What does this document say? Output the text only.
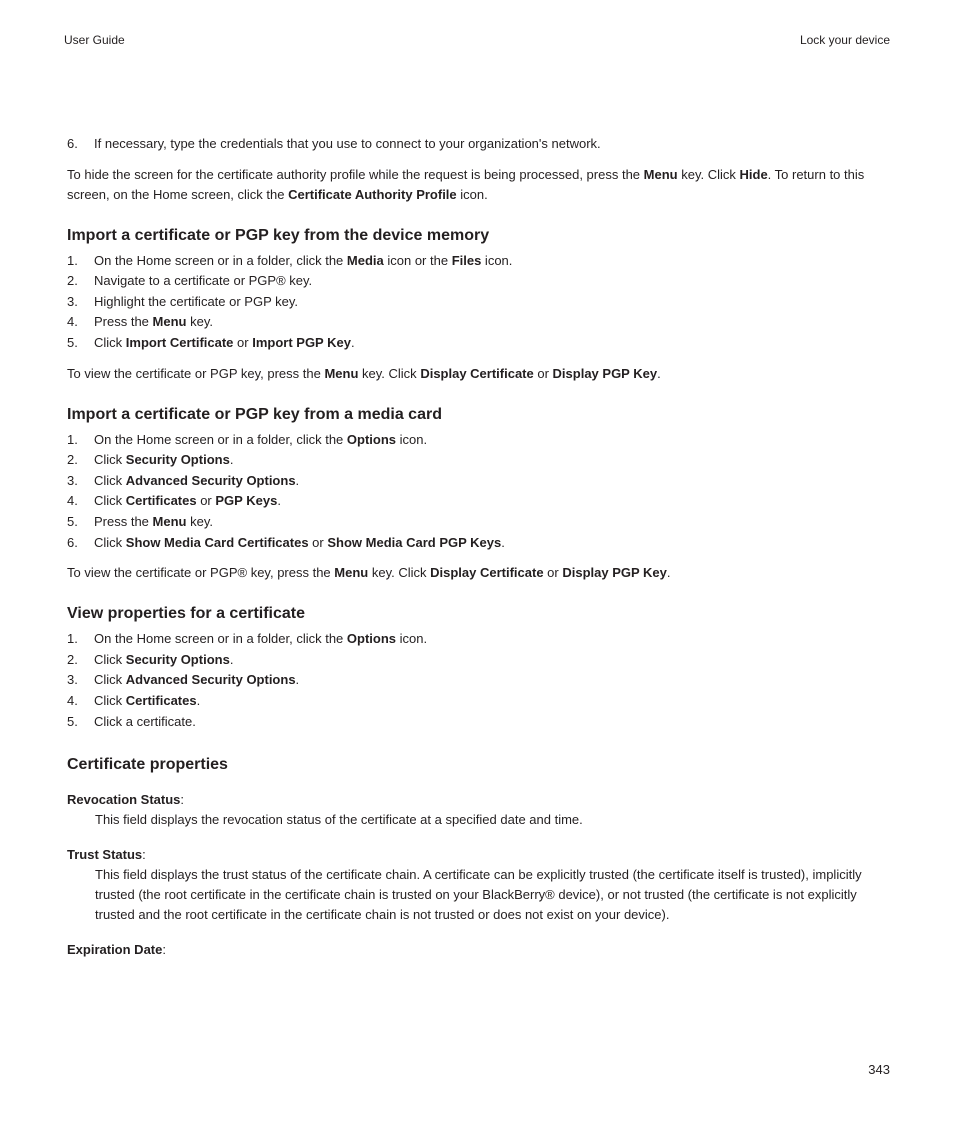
User Guide	Lock your device
6. If necessary, type the credentials that you use to connect to your organization's network.

To hide the screen for the certificate authority profile while the request is being processed, press the Menu key. Click Hide. To return to this screen, on the Home screen, click the Certificate Authority Profile icon.

Import a certificate or PGP key from the device memory
1. On the Home screen or in a folder, click the Media icon or the Files icon.
2. Navigate to a certificate or PGP® key.
3. Highlight the certificate or PGP key.
4. Press the Menu key.
5. Click Import Certificate or Import PGP Key.

To view the certificate or PGP key, press the Menu key. Click Display Certificate or Display PGP Key.

Import a certificate or PGP key from a media card
1. On the Home screen or in a folder, click the Options icon.
2. Click Security Options.
3. Click Advanced Security Options.
4. Click Certificates or PGP Keys.
5. Press the Menu key.
6. Click Show Media Card Certificates or Show Media Card PGP Keys.

To view the certificate or PGP® key, press the Menu key. Click Display Certificate or Display PGP Key.

View properties for a certificate
1. On the Home screen or in a folder, click the Options icon.
2. Click Security Options.
3. Click Advanced Security Options.
4. Click Certificates.
5. Click a certificate.
Certificate properties

Revocation Status:

This field displays the revocation status of the certificate at a specified date and time.

Trust Status:

This field displays the trust status of the certificate chain. A certificate can be explicitly trusted (the certificate itself is trusted), implicitly trusted (the root certificate in the certificate chain is trusted on your BlackBerry® device), or not trusted (the certificate is not explicitly trusted and the root certificate in the certificate chain is not trusted or does not exist on your device).

Expiration Date:

343
